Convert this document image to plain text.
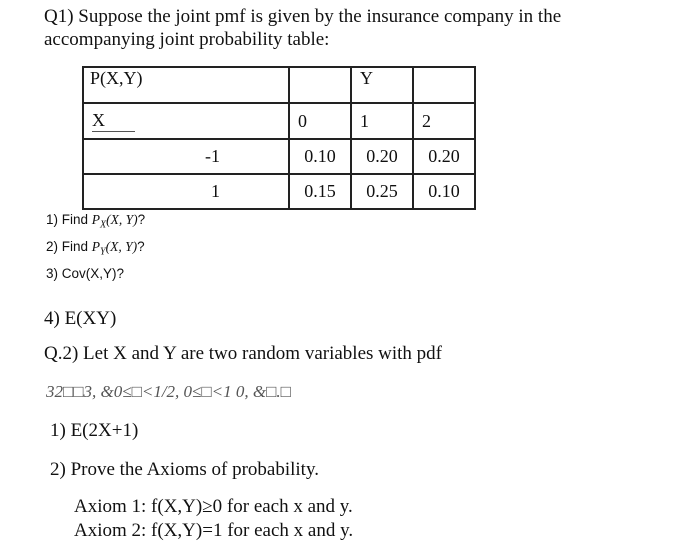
Q1) Suppose the joint pmf is given by the insurance company in the
accompanying joint probability table:
P(X,Y)		Y	
X	0	1	2
-1	0.10	0.20	0.20
1	0.15	0.25	0.10
1) Find $P_X(X$, Y)?
2) Find $P_Y(X$, Y)?
3) Cov(X,Y)?
4) E(XY)
Q.2) Let X and Y are two random variables with pdf
32□□3, &0≤□<1/2, 0≤□<1 0, &□.□
1) E(2X+1)
2) Prove the Axioms of probability.
Axiom 1: f(X,Y)≥0 for each x and y.
Axiom 2: f(X,Y)=1 for each x and y.
